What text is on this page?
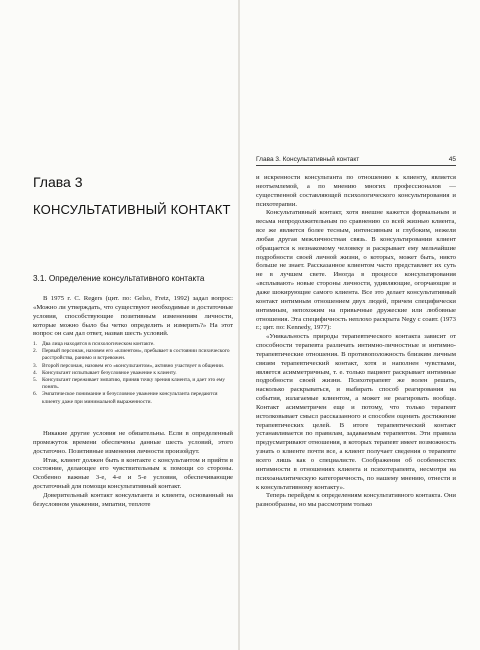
Глава 3. Консультативный контакт	45
Глава 3
КОНСУЛЬТАТИВНЫЙ КОНТАКТ
3.1. Определение консультативного контакта

В 1975 г. C. Regers (цит. по: Gelso, Fretz, 1992) задал вопрос: «Можно ли утверждать, что существуют необходимые и достаточные условия, способствующие позитивным изменениям личности, которые можно было бы четко определить и измерить?» На этот вопрос он сам дал ответ, назвав шесть условий.

1. Два лица находятся в психологическом контакте.
2. Первый персонаж, назовем его «клиентом», пребывает в состоянии психического расстройства, ранимо и встревожен.
3. Второй персонаж, назовем его «консультантом», активно участвует в общении.
4. Консультант испытывает безусловное уважение к клиенту.
5. Консультант переживает эмпатию, приняв точку зрения клиента, и дает это ему понять.
6. Эмпатическое понимание и безусловное уважение консультанта передаются клиенту даже при минимальной выраженности.

Никакие другие условия не обязательны. Если в определенный промежуток времени обеспечены данные шесть условий, этого достаточно. Позитивные изменения личности произойдут.

Итак, клиент должен быть в контакте с консультантом и прийти в состояние, делающее его чувствительным к помощи со стороны. Особенно важные 3-е, 4-е и 5-е условия, обеспечивающие достаточный для помощи консультативный контакт.

Доверительный контакт консультанта и клиента, основанный на безусловном уважении, эмпатии, теплоте

и искренности консультанта по отношению к клиенту, является неотъемлемой, а по мнению многих профессионалов — существенной составляющей психологического консультирования и психотерапии.

Консультативный контакт, хотя внешне кажется формальным и весьма непродолжительным по сравнению со всей жизнью клиента, все же является более тесным, интенсивным и глубоким, нежели любая другая межличностная связь. В консультировании клиент обращается к незнакомому человеку и раскрывает ему мельчайшие подробности своей личной жизни, о которых, может быть, никто больше не знает. Рассказанное клиентом часто представляет их суть не в лучшем свете. Иногда в процессе консультирования «всплывают» новые стороны личности, удивляющие, огорчающие и даже шокирующие самого клиента. Все это делает консультативный контакт интимным отношением двух людей, причем специфически интимным, непохожим на привычные дружеские или любовные отношения. Эта специфичность неплохо раскрыта Negy с соавт. (1973 г.; цит. по: Kennedy, 1977):

«Уникальность природы терапевтического контакта зависит от способности терапевта различать интимно-личностные и интимно-терапевтические отношения. В противоположность близким личным связям терапевтический контакт, хотя и наполнен чувствами, является асимметричным, т. е. только пациент раскрывает интимные подробности своей жизни. Психотерапевт же волен решать, насколько раскрываться, и выбирать способ реагирования на события, излагаемые клиентом, а может не реагировать вообще. Контакт асимметричен еще и потому, что только терапевт истолковывает смысл рассказанного и способен оценить достижение терапевтических целей. В итоге терапевтический контакт устанавливается по правилам, задаваемым терапевтом. Эти правила предусматривают отношения, в которых терапевт имеет возможность узнать о клиенте почти все, а клиент получает сведения о терапевте всего лишь как о специалисте. Соображения об особенностях интимности в отношениях клиента и психотерапевта, несмотря на психоаналитическую категоричность, по нашему мнению, отнести и к консультативному контакту».

Теперь перейдем к определениям консультативного контакта. Они разнообразны, но мы рассмотрим только
